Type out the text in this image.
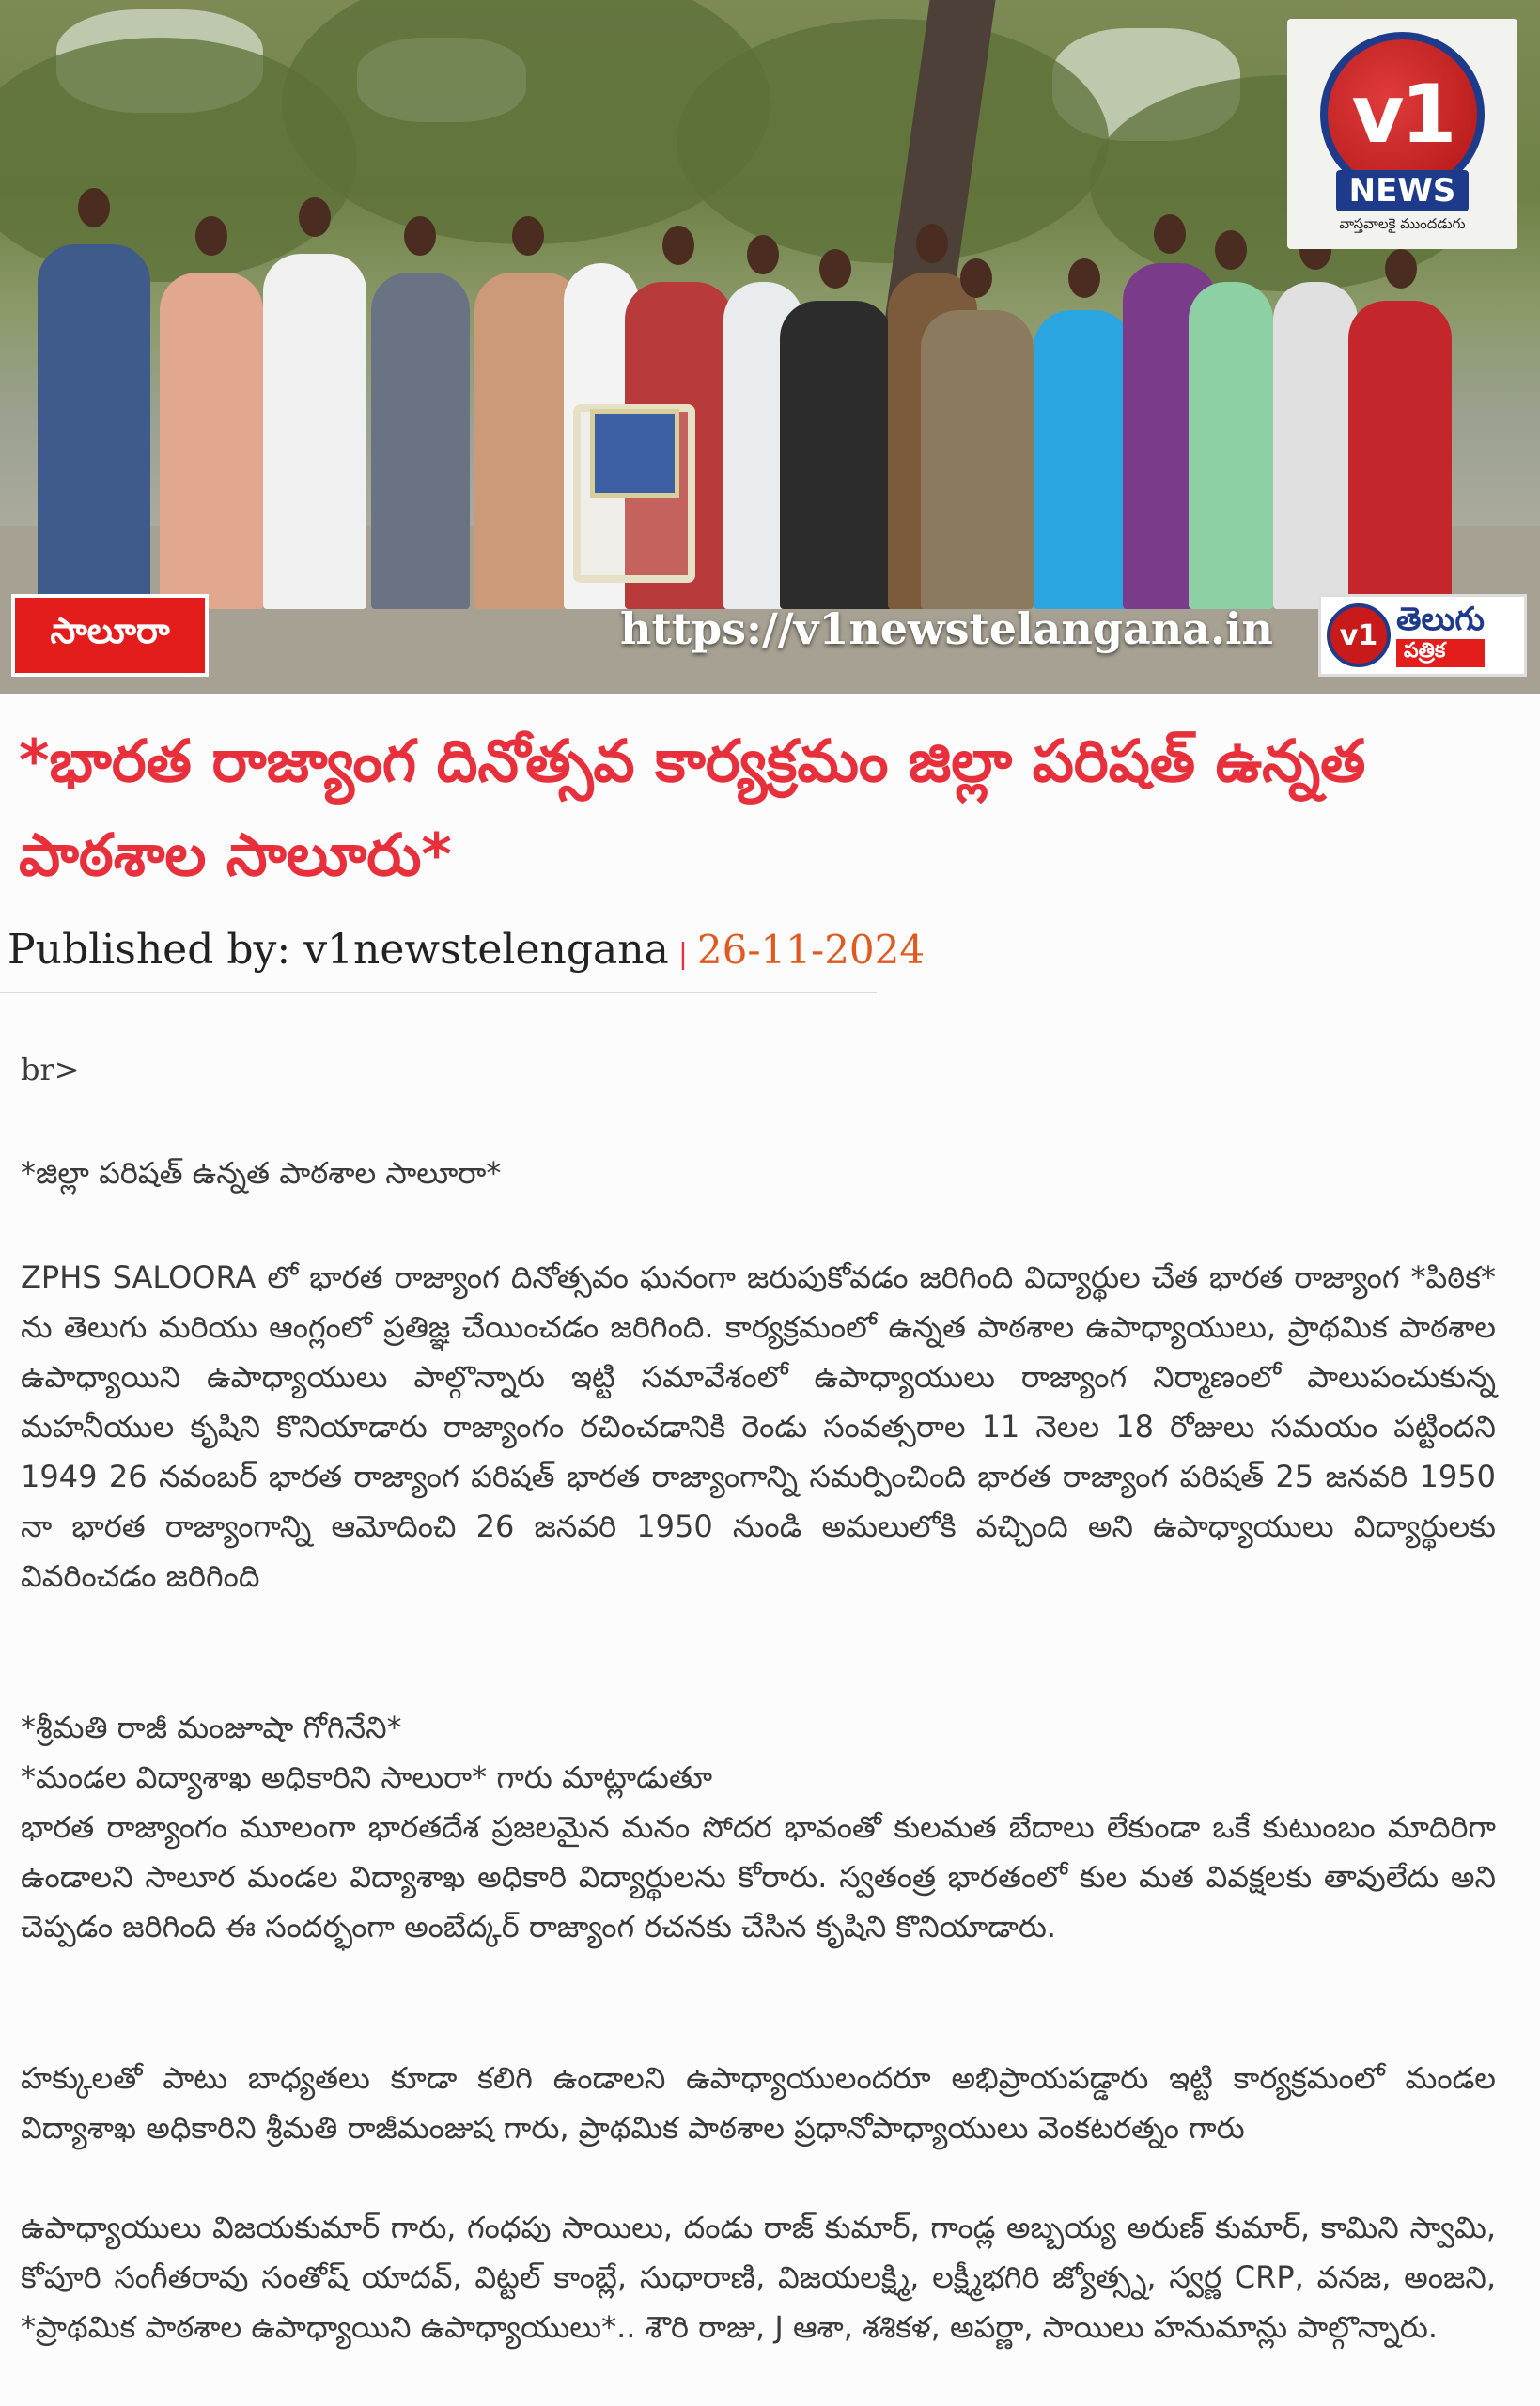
v1
NEWS
వాస్తవాలకై ముందడుగు
సాలూరా	https://v1newstelangana.in	v1 తెలుగు
పత్రిక
*భారత రాజ్యాంగ దినోత్సవ కార్యక్రమం జిల్లా పరిషత్ ఉన్నత పాఠశాల సాలూరు*
Published by: v1newstelengana | 26-11-2024
br>
*జిల్లా పరిషత్ ఉన్నత పాఠశాల సాలూరా*
ZPHS SALOORA లో భారత రాజ్యాంగ దినోత్సవం ఘనంగా జరుపుకోవడం జరిగింది విద్యార్థుల చేత భారత రాజ్యాంగ *పిఠిక* ను తెలుగు మరియు ఆంగ్లంలో ప్రతిజ్ఞ చేయించడం జరిగింది. కార్యక్రమంలో ఉన్నత పాఠశాల ఉపాధ్యాయులు, ప్రాథమిక పాఠశాల ఉపాధ్యాయిని ఉపాధ్యాయులు పాల్గొన్నారు ఇట్టి సమావేశంలో ఉపాధ్యాయులు రాజ్యాంగ నిర్మాణంలో పాలుపంచుకున్న మహనీయుల కృషిని కొనియాడారు రాజ్యాంగం రచించడానికి రెండు సంవత్సరాల 11 నెలల 18 రోజులు సమయం పట్టిందని 1949 26 నవంబర్ భారత రాజ్యాంగ పరిషత్ భారత రాజ్యాంగాన్ని సమర్పించింది భారత రాజ్యాంగ పరిషత్ 25 జనవరి 1950 నా భారత రాజ్యాంగాన్ని ఆమోదించి 26 జనవరి 1950 నుండి అమలులోకి వచ్చింది అని ఉపాధ్యాయులు విద్యార్థులకు వివరించడం జరిగింది
*శ్రీమతి రాజీ మంజూషా గోగినేని*
*మండల విద్యాశాఖ అధికారిని సాలురా* గారు మాట్లాడుతూ
భారత రాజ్యాంగం మూలంగా భారతదేశ ప్రజలమైన మనం సోదర భావంతో కులమత బేదాలు లేకుండా ఒకే కుటుంబం మాదిరిగా ఉండాలని సాలూర మండల విద్యాశాఖ అధికారి విద్యార్థులను కోరారు. స్వతంత్ర భారతంలో కుల మత వివక్షలకు తావులేదు అని చెప్పడం జరిగింది ఈ సందర్భంగా అంబేద్కర్ రాజ్యాంగ రచనకు చేసిన కృషిని కొనియాడారు.
హక్కులతో పాటు బాధ్యతలు కూడా కలిగి ఉండాలని ఉపాధ్యాయులందరూ అభిప్రాయపడ్డారు ఇట్టి కార్యక్రమంలో మండల విద్యాశాఖ అధికారిని శ్రీమతి రాజీమంజుష గారు, ప్రాథమిక పాఠశాల ప్రధానోపాధ్యాయులు వెంకటరత్నం గారు
ఉపాధ్యాయులు విజయకుమార్ గారు, గంధపు సాయిలు, దండు రాజ్ కుమార్, గాండ్ల అబ్బయ్య అరుణ్ కుమార్, కామిని స్వామి, కోపూరి సంగీతరావు సంతోష్ యాదవ్, విట్టల్ కాంబ్లే, సుధారాణి, విజయలక్ష్మి, లక్ష్మీభగిరి జ్యోత్స్న, స్వర్ణ CRP, వనజ, అంజని, *ప్రాథమిక పాఠశాల ఉపాధ్యాయిని ఉపాధ్యాయులు*.. శౌరి రాజు, J ఆశా, శశికళ, అపర్ణా, సాయిలు హనుమాన్లు పాల్గొన్నారు.
